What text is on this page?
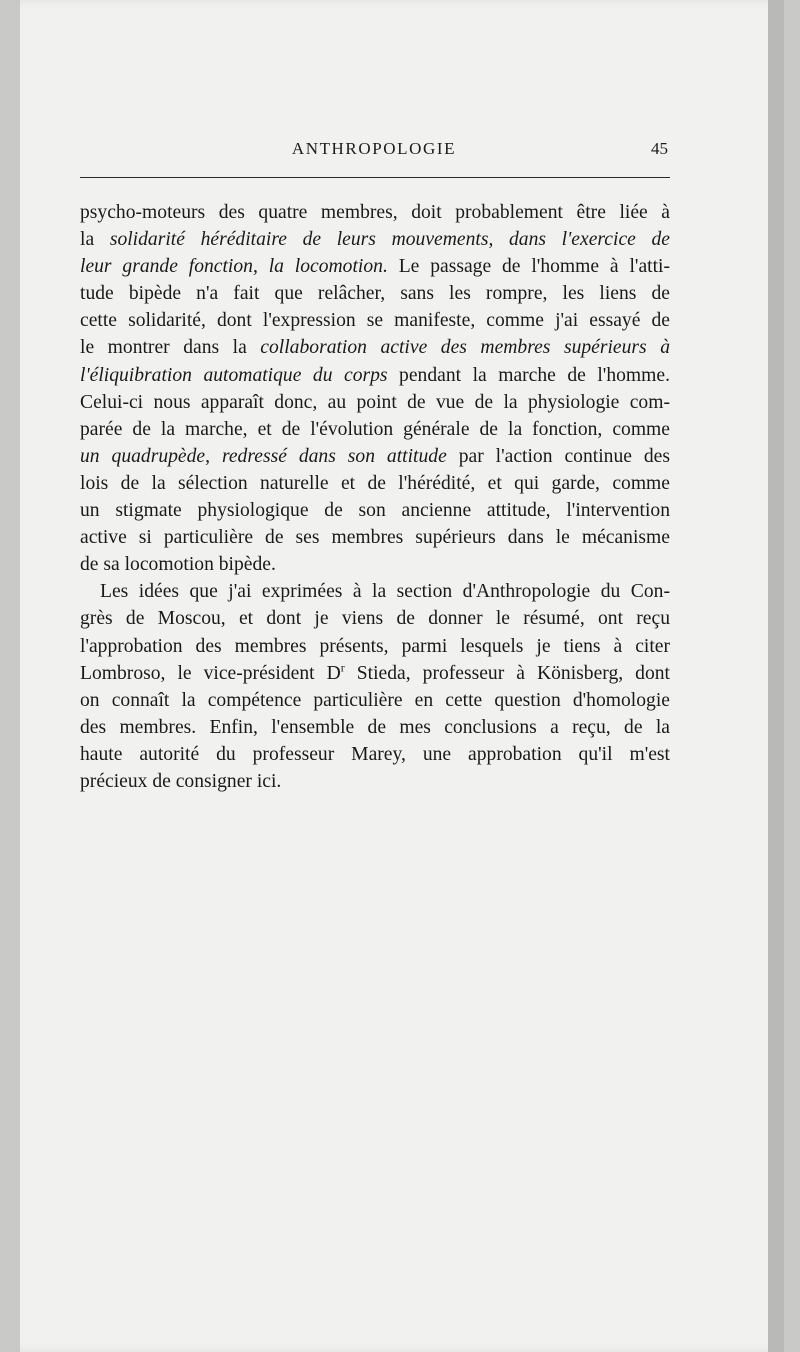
ANTHROPOLOGIE	45
psycho-moteurs des quatre membres, doit probablement être liée à
la solidarité héréditaire de leurs mouvements, dans l'exercice de
leur grande fonction, la locomotion. Le passage de l'homme à l'atti-
tude bipède n'a fait que relâcher, sans les rompre, les liens de
cette solidarité, dont l'expression se manifeste, comme j'ai essayé de
le montrer dans la collaboration active des membres supérieurs à
l'éliquibration automatique du corps pendant la marche de l'homme.
Celui-ci nous apparaît donc, au point de vue de la physiologie com-
parée de la marche, et de l'évolution générale de la fonction, comme
un quadrupède, redressé dans son attitude par l'action continue des
lois de la sélection naturelle et de l'hérédité, et qui garde, comme
un stigmate physiologique de son ancienne attitude, l'intervention
active si particulière de ses membres supérieurs dans le mécanisme
de sa locomotion bipède.
Les idées que j'ai exprimées à la section d'Anthropologie du Con-
grès de Moscou, et dont je viens de donner le résumé, ont reçu
l'approbation des membres présents, parmi lesquels je tiens à citer
Lombroso, le vice-président $D^r$ Stieda, professeur à Könisberg, dont
on connaît la compétence particulière en cette question d'homologie
des membres. Enfin, l'ensemble de mes conclusions a reçu, de la
haute autorité du professeur Marey, une approbation qu'il m'est
précieux de consigner ici.
